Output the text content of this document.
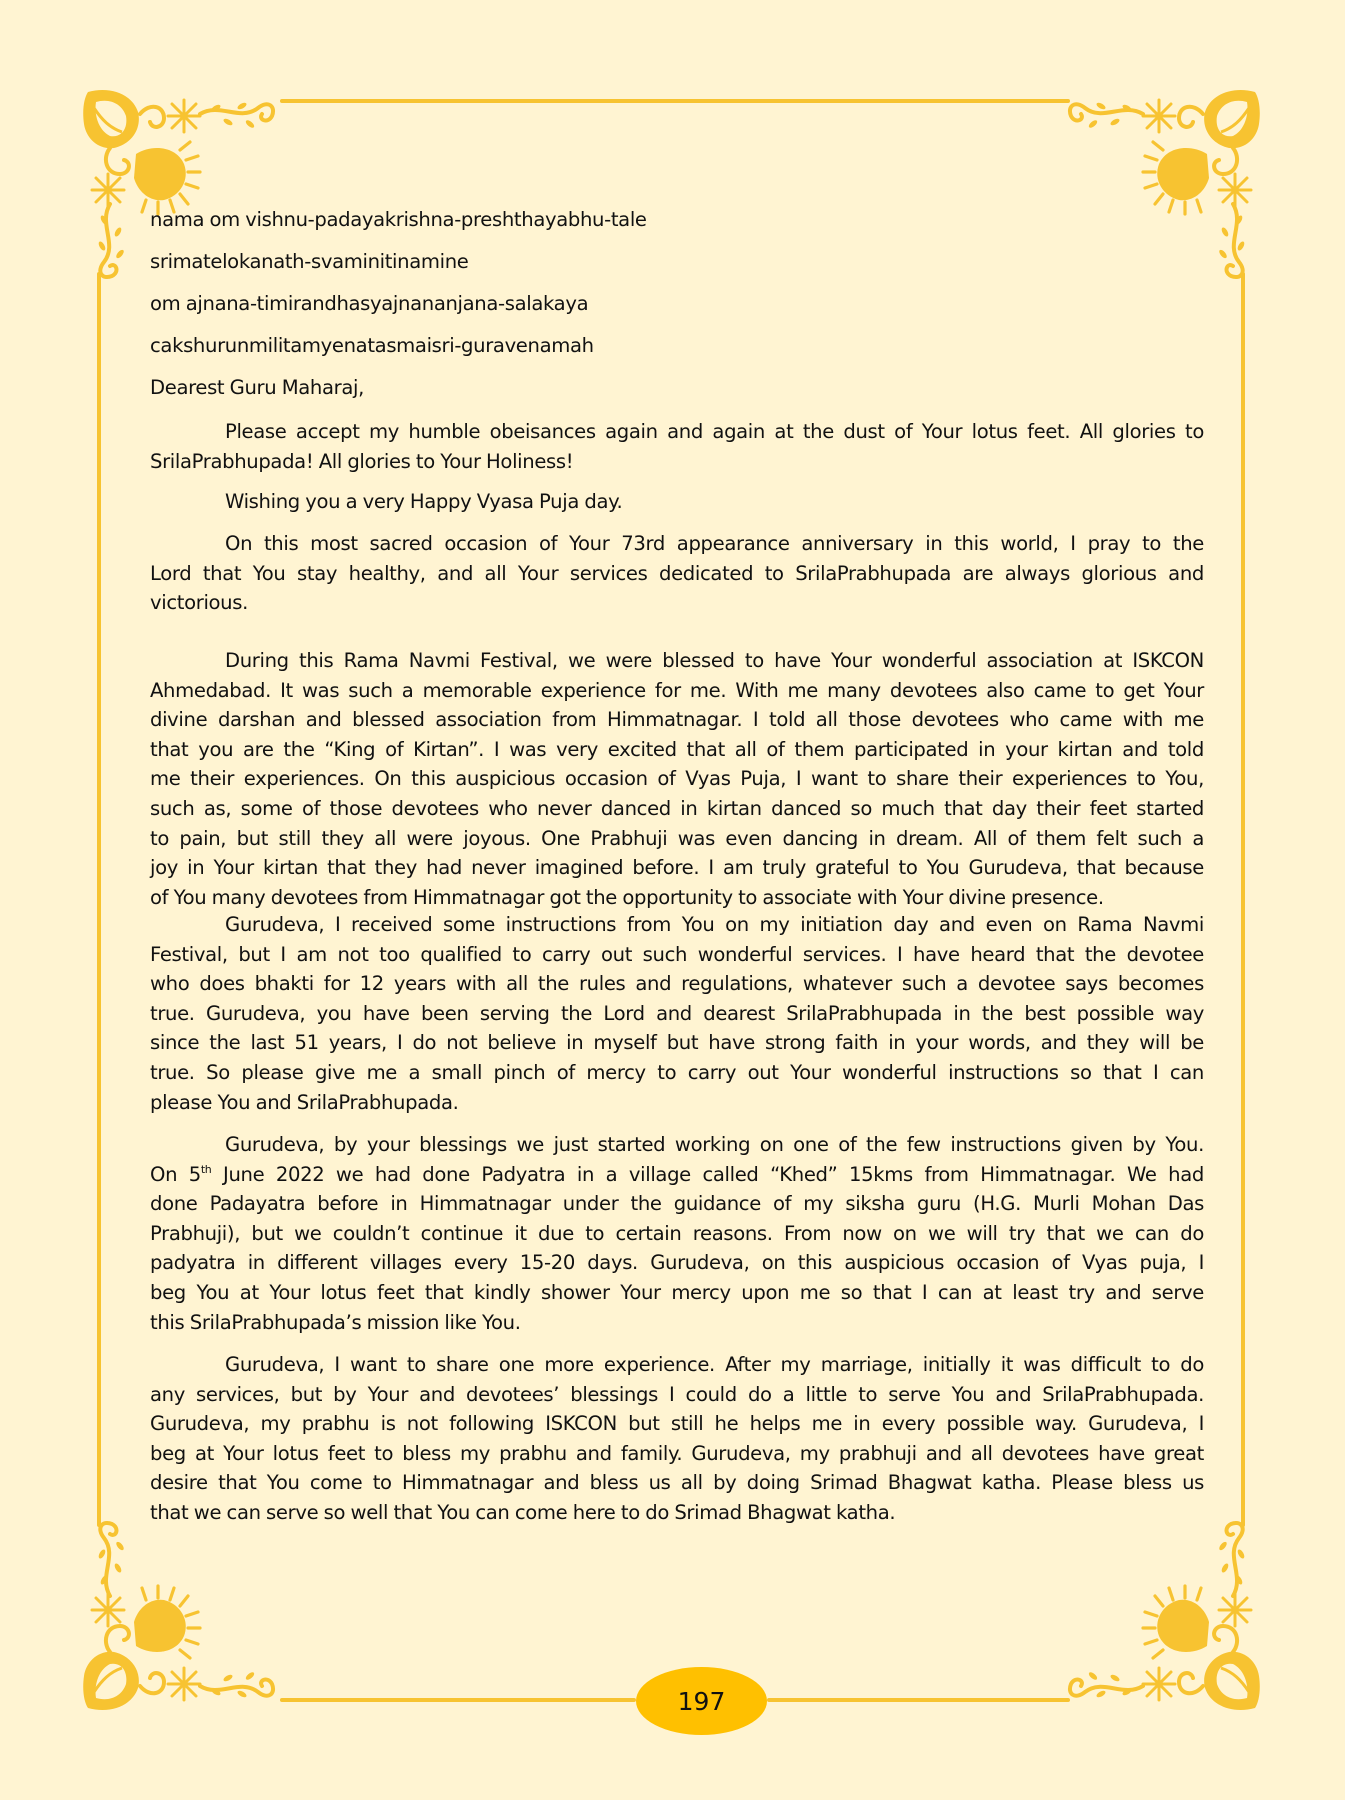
nama om vishnu-padayakrishna-preshthayabhu-tale
srimatelokanath-svaminitinamine
om ajnana-timirandhasyajnananjana-salakaya
cakshurunmilitamyenatasmaisri-guravenamah
Dearest Guru Maharaj,
Please accept my humble obeisances again and again at the dust of Your lotus feet. All glories to
SrilaPrabhupada! All glories to Your Holiness!
Wishing you a very Happy Vyasa Puja day.
On this most sacred occasion of Your 73rd appearance anniversary in this world, I pray to the
Lord that You stay healthy, and all Your services dedicated to SrilaPrabhupada are always glorious and
victorious.
During this Rama Navmi Festival, we were blessed to have Your wonderful association at ISKCON
Ahmedabad. It was such a memorable experience for me. With me many devotees also came to get Your
divine darshan and blessed association from Himmatnagar. I told all those devotees who came with me
that you are the “King of Kirtan”. I was very excited that all of them participated in your kirtan and told
me their experiences. On this auspicious occasion of Vyas Puja, I want to share their experiences to You,
such as, some of those devotees who never danced in kirtan danced so much that day their feet started
to pain, but still they all were joyous. One Prabhuji was even dancing in dream. All of them felt such a
joy in Your kirtan that they had never imagined before. I am truly grateful to You Gurudeva, that because
of You many devotees from Himmatnagar got the opportunity to associate with Your divine presence.
Gurudeva, I received some instructions from You on my initiation day and even on Rama Navmi
Festival, but I am not too qualified to carry out such wonderful services. I have heard that the devotee
who does bhakti for 12 years with all the rules and regulations, whatever such a devotee says becomes
true. Gurudeva, you have been serving the Lord and dearest SrilaPrabhupada in the best possible way
since the last 51 years, I do not believe in myself but have strong faith in your words, and they will be
true. So please give me a small pinch of mercy to carry out Your wonderful instructions so that I can
please You and SrilaPrabhupada.
Gurudeva, by your blessings we just started working on one of the few instructions given by You.
On 5th June 2022 we had done Padyatra in a village called “Khed” 15kms from Himmatnagar. We had
done Padayatra before in Himmatnagar under the guidance of my siksha guru (H.G. Murli Mohan Das
Prabhuji), but we couldn’t continue it due to certain reasons. From now on we will try that we can do
padyatra in different villages every 15-20 days. Gurudeva, on this auspicious occasion of Vyas puja, I
beg You at Your lotus feet that kindly shower Your mercy upon me so that I can at least try and serve
this SrilaPrabhupada’s mission like You.
Gurudeva, I want to share one more experience. After my marriage, initially it was difficult to do
any services, but by Your and devotees’ blessings I could do a little to serve You and SrilaPrabhupada.
Gurudeva, my prabhu is not following ISKCON but still he helps me in every possible way. Gurudeva, I
beg at Your lotus feet to bless my prabhu and family. Gurudeva, my prabhuji and all devotees have great
desire that You come to Himmatnagar and bless us all by doing Srimad Bhagwat katha. Please bless us
that we can serve so well that You can come here to do Srimad Bhagwat katha.
197
